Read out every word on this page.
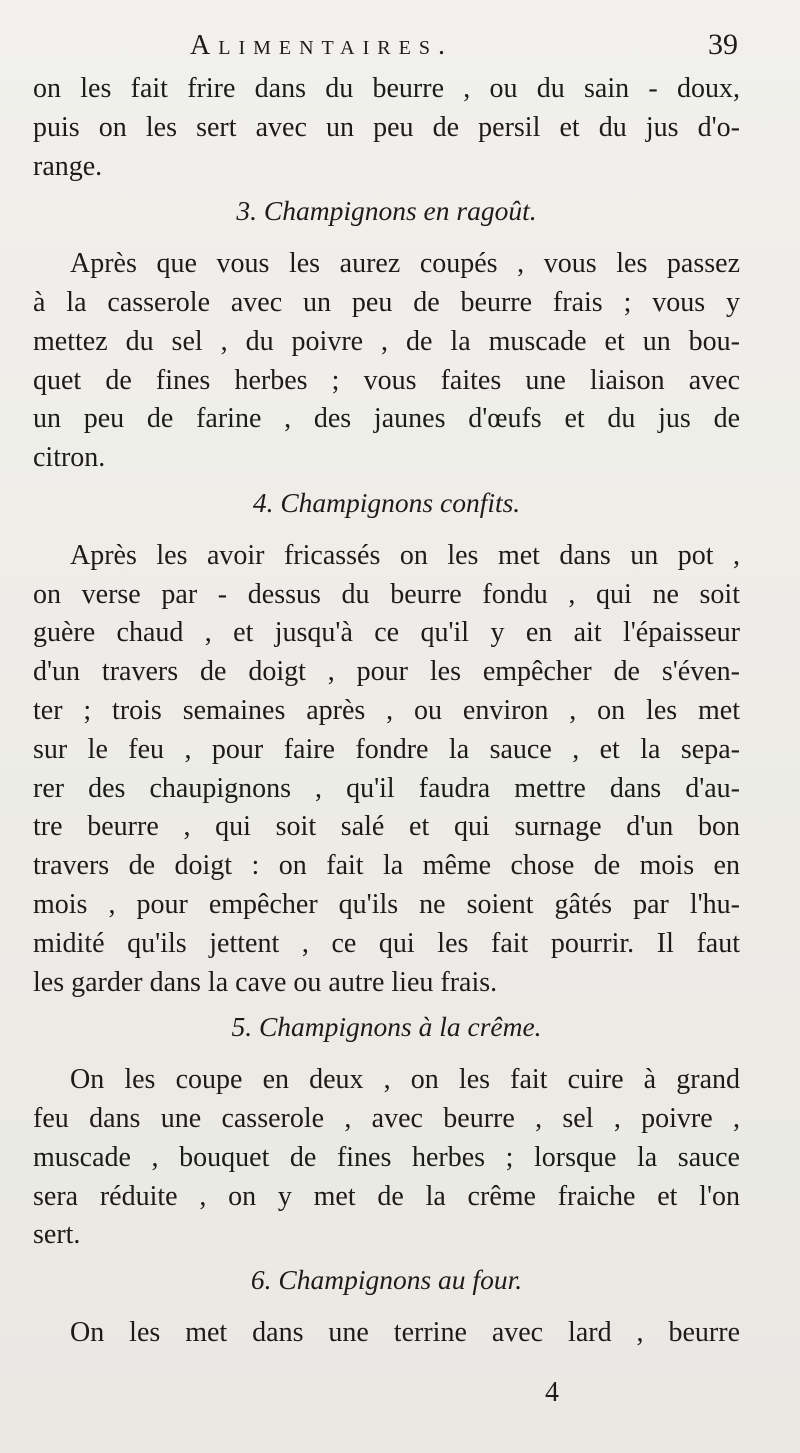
Alimentaires.	39
on les fait frire dans du beurre , ou du sain - doux,
puis on les sert avec un peu de persil et du jus d'o-
range.
3. Champignons en ragoût.
Après que vous les aurez coupés , vous les passez
à la casserole avec un peu de beurre frais ; vous y
mettez du sel , du poivre , de la muscade et un bou-
quet de fines herbes ; vous faites une liaison avec
un peu de farine , des jaunes d'œufs et du jus de
citron.
4. Champignons confits.
Après les avoir fricassés on les met dans un pot ,
on verse par - dessus du beurre fondu , qui ne soit
guère chaud , et jusqu'à ce qu'il y en ait l'épaisseur
d'un travers de doigt , pour les empêcher de s'éven-
ter ; trois semaines après , ou environ , on les met
sur le feu , pour faire fondre la sauce , et la sepa-
rer des chaupignons , qu'il faudra mettre dans d'au-
tre beurre , qui soit salé et qui surnage d'un bon
travers de doigt : on fait la même chose de mois en
mois , pour empêcher qu'ils ne soient gâtés par l'hu-
midité qu'ils jettent , ce qui les fait pourrir. Il faut
les garder dans la cave ou autre lieu frais.
5. Champignons à la crême.
On les coupe en deux , on les fait cuire à grand
feu dans une casserole , avec beurre , sel , poivre ,
muscade , bouquet de fines herbes ; lorsque la sauce
sera réduite , on y met de la crême fraiche et l'on
sert.
6. Champignons au four.
On les met dans une terrine avec lard , beurre
4
